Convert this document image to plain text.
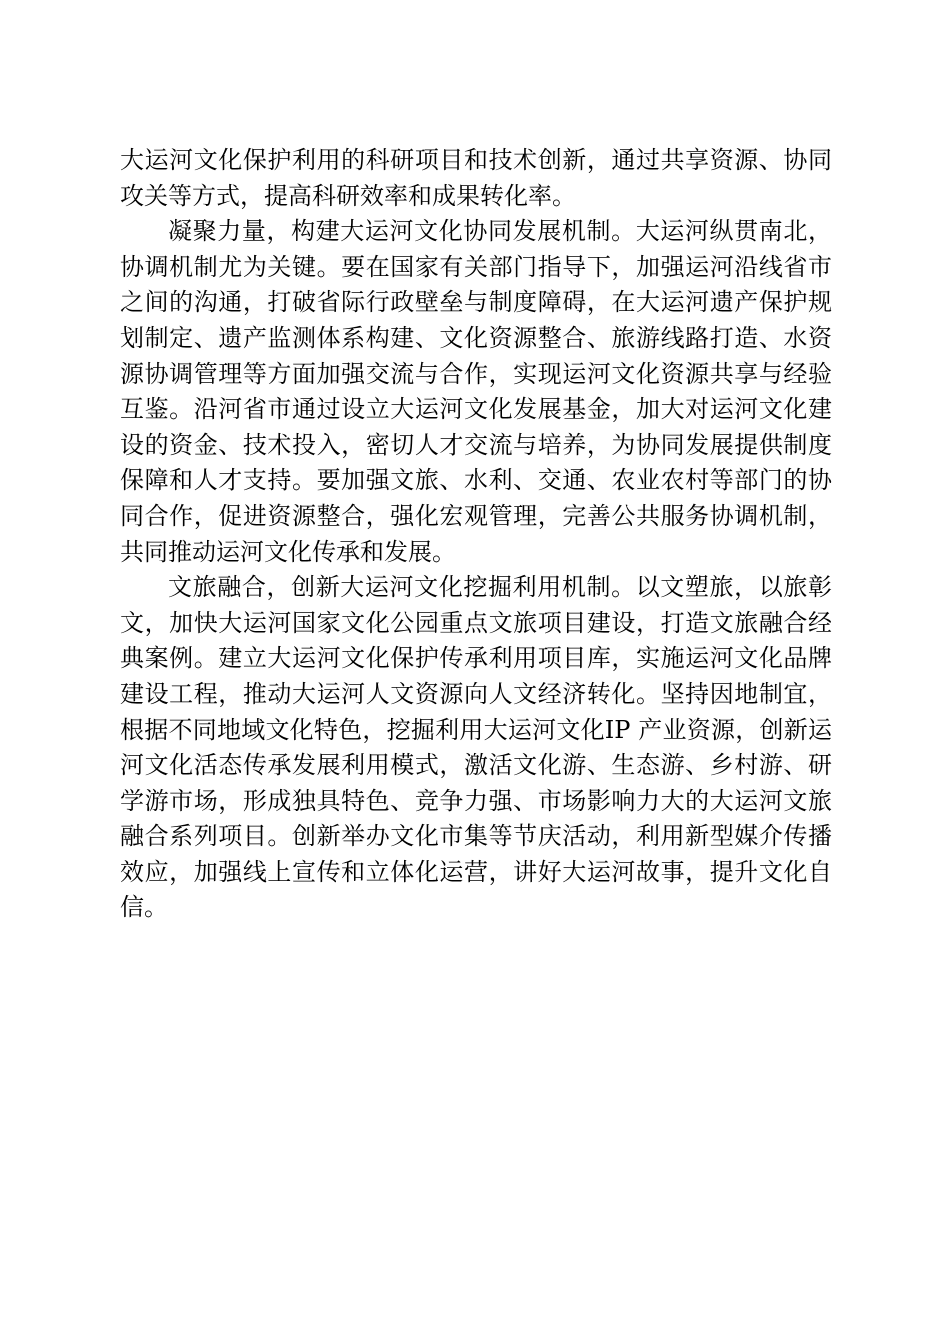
大运河文化保护利用的科研项目和技术创新，通过共享资源、协同攻关等方式，提高科研效率和成果转化率。

凝聚力量，构建大运河文化协同发展机制。大运河纵贯南北，协调机制尤为关键。要在国家有关部门指导下，加强运河沿线省市之间的沟通，打破省际行政壁垒与制度障碍，在大运河遗产保护规划制定、遗产监测体系构建、文化资源整合、旅游线路打造、水资源协调管理等方面加强交流与合作，实现运河文化资源共享与经验互鉴。沿河省市通过设立大运河文化发展基金，加大对运河文化建设的资金、技术投入，密切人才交流与培养，为协同发展提供制度保障和人才支持。要加强文旅、水利、交通、农业农村等部门的协同合作，促进资源整合，强化宏观管理，完善公共服务协调机制，共同推动运河文化传承和发展。

文旅融合，创新大运河文化挖掘利用机制。以文塑旅，以旅彰文，加快大运河国家文化公园重点文旅项目建设，打造文旅融合经典案例。建立大运河文化保护传承利用项目库，实施运河文化品牌建设工程，推动大运河人文资源向人文经济转化。坚持因地制宜，根据不同地域文化特色，挖掘利用大运河文化IP 产业资源，创新运河文化活态传承发展利用模式，激活文化游、生态游、乡村游、研学游市场，形成独具特色、竞争力强、市场影响力大的大运河文旅融合系列项目。创新举办文化市集等节庆活动，利用新型媒介传播效应，加强线上宣传和立体化运营，讲好大运河故事，提升文化自信。
